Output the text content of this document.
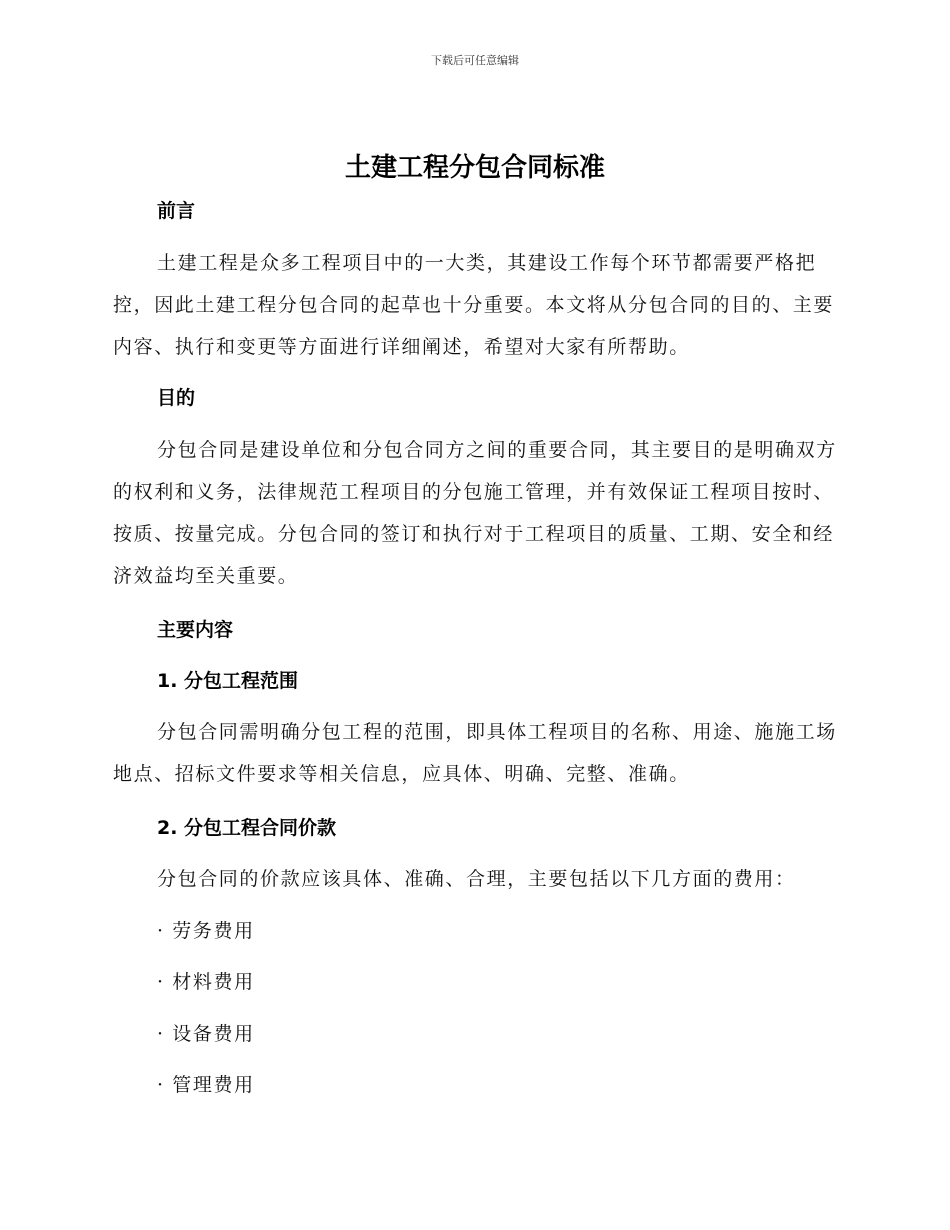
下载后可任意编辑
土建工程分包合同标准
前言
土建工程是众多工程项目中的一大类，其建设工作每个环节都需要严格把控，因此土建工程分包合同的起草也十分重要。本文将从分包合同的目的、主要内容、执行和变更等方面进行详细阐述，希望对大家有所帮助。
目的
分包合同是建设单位和分包合同方之间的重要合同，其主要目的是明确双方的权利和义务，法律规范工程项目的分包施工管理，并有效保证工程项目按时、按质、按量完成。分包合同的签订和执行对于工程项目的质量、工期、安全和经济效益均至关重要。
主要内容
1. 分包工程范围
分包合同需明确分包工程的范围，即具体工程项目的名称、用途、施施工场地点、招标文件要求等相关信息，应具体、明确、完整、准确。
2. 分包工程合同价款
分包合同的价款应该具体、准确、合理，主要包括以下几方面的费用：
· 劳务费用
· 材料费用
· 设备费用
· 管理费用
